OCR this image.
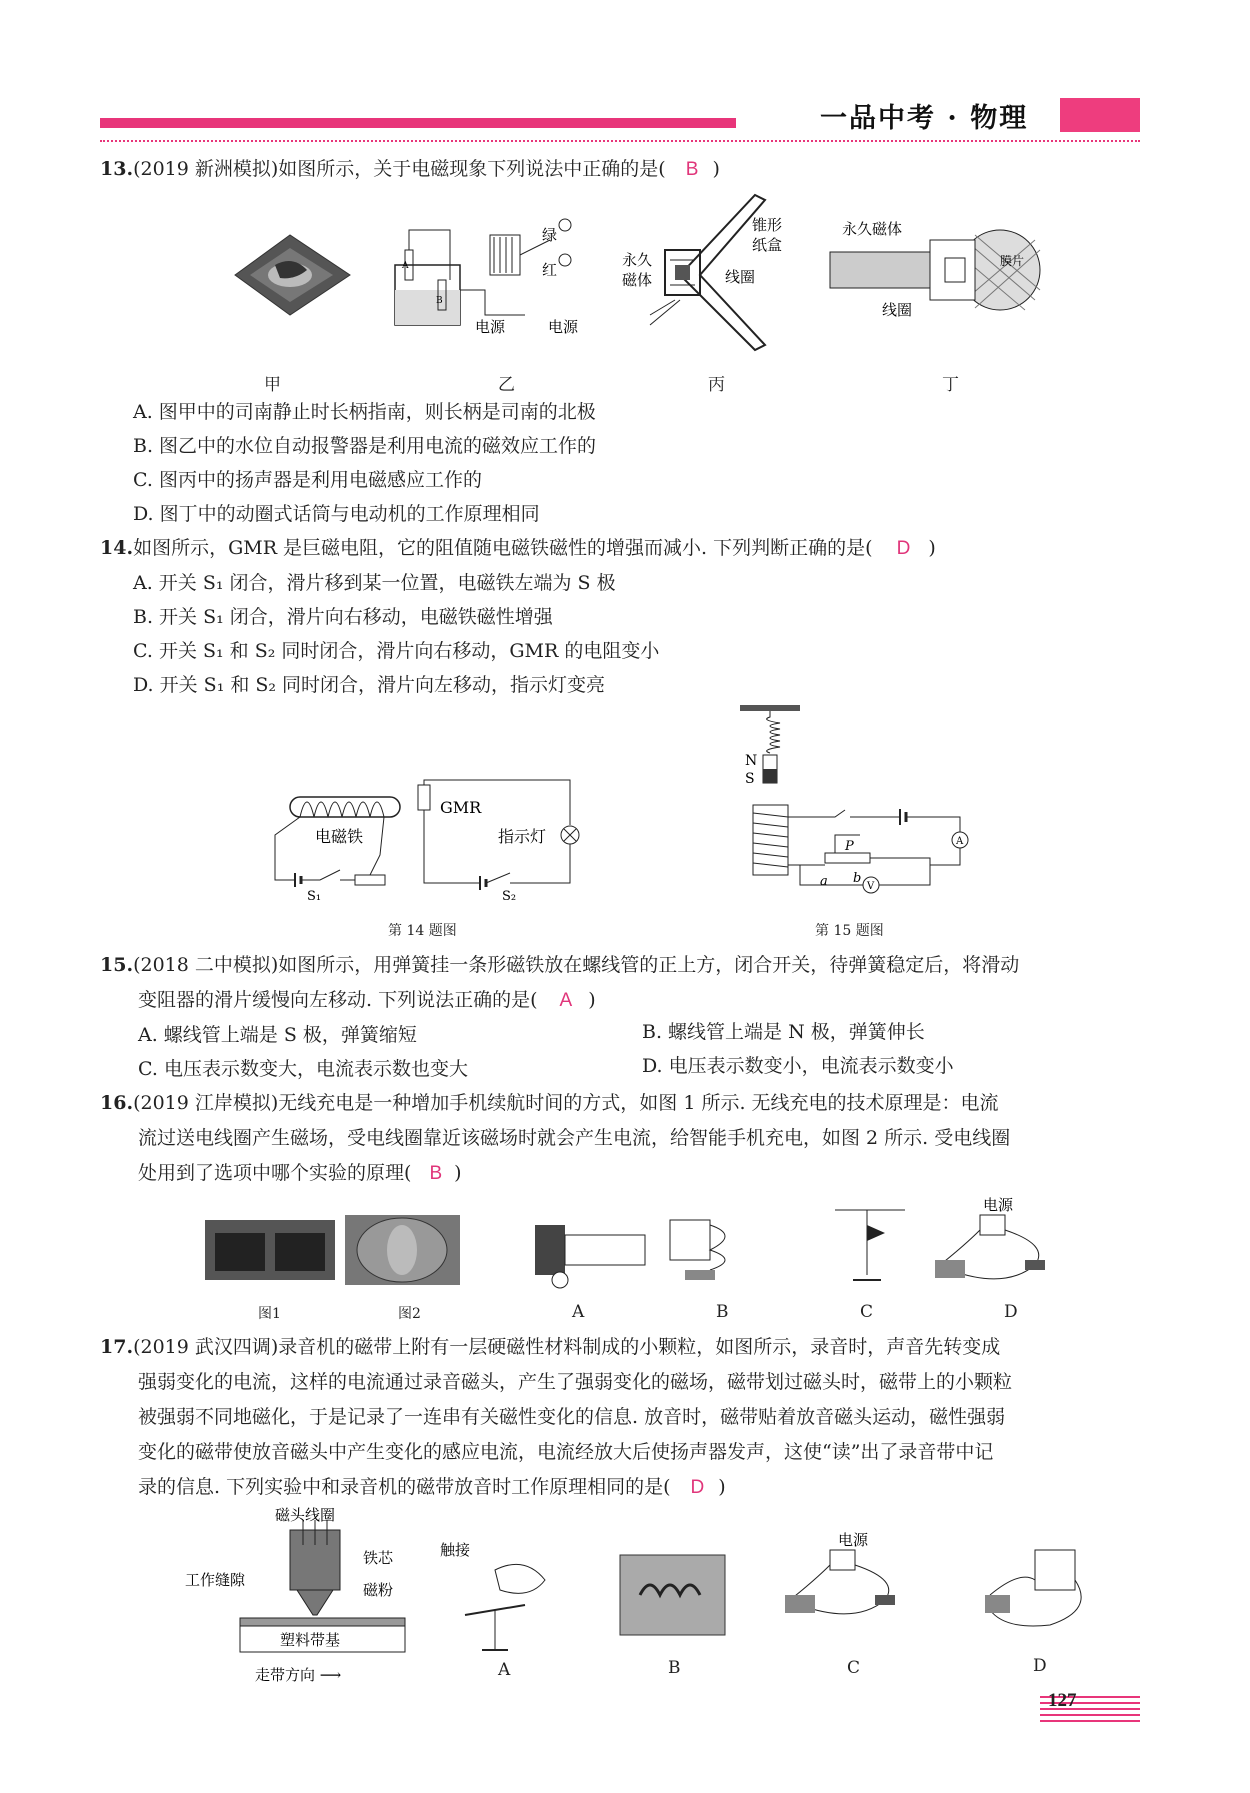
一品中考 · 物理
13.(2019 新洲模拟)如图所示，关于电磁现象下列说法中正确的是( B )
绿
红
电源	电源
A
B
锥形
纸盒
永久
磁体	线圈
永久磁体
膜片
线圈
甲	乙	丙	丁
A. 图甲中的司南静止时长柄指南，则长柄是司南的北极
B. 图乙中的水位自动报警器是利用电流的磁效应工作的
C. 图丙中的扬声器是利用电磁感应工作的
D. 图丁中的动圈式话筒与电动机的工作原理相同
14.如图所示，GMR 是巨磁电阻，它的阻值随电磁铁磁性的增强而减小. 下列判断正确的是( D )
A. 开关 S₁ 闭合，滑片移到某一位置，电磁铁左端为 S 极
B. 开关 S₁ 闭合，滑片向右移动，电磁铁磁性增强
C. 开关 S₁ 和 S₂ 同时闭合，滑片向右移动，GMR 的电阻变小
D. 开关 S₁ 和 S₂ 同时闭合，滑片向左移动，指示灯变亮
电磁铁
GMR
指示灯
S₁	S₂
第 14 题图
N
S
P
a b
A
V
第 15 题图
15.(2018 二中模拟)如图所示，用弹簧挂一条形磁铁放在螺线管的正上方，闭合开关，待弹簧稳定后，将滑动
变阻器的滑片缓慢向左移动. 下列说法正确的是( A )
A. 螺线管上端是 S 极，弹簧缩短	B. 螺线管上端是 N 极，弹簧伸长
C. 电压表示数变大，电流表示数也变大	D. 电压表示数变小，电流表示数变小
16.(2019 江岸模拟)无线充电是一种增加手机续航时间的方式，如图 1 所示. 无线充电的技术原理是：电流
流过送电线圈产生磁场，受电线圈靠近该磁场时就会产生电流，给智能手机充电，如图 2 所示. 受电线圈
处用到了选项中哪个实验的原理( B )
电源
图1	图2	A	B	C	D
17.(2019 武汉四调)录音机的磁带上附有一层硬磁性材料制成的小颗粒，如图所示，录音时，声音先转变成
强弱变化的电流，这样的电流通过录音磁头，产生了强弱变化的磁场，磁带划过磁头时，磁带上的小颗粒
被强弱不同地磁化，于是记录了一连串有关磁性变化的信息. 放音时，磁带贴着放音磁头运动，磁性强弱
变化的磁带使放音磁头中产生变化的感应电流，电流经放大后使扬声器发声，这使“读”出了录音带中记
录的信息. 下列实验中和录音机的磁带放音时工作原理相同的是( D )
磁头线圈
铁芯
工作缝隙
磁粉
塑料带基
走带方向 ⟶
触接
电源
A	B	C	D
127
